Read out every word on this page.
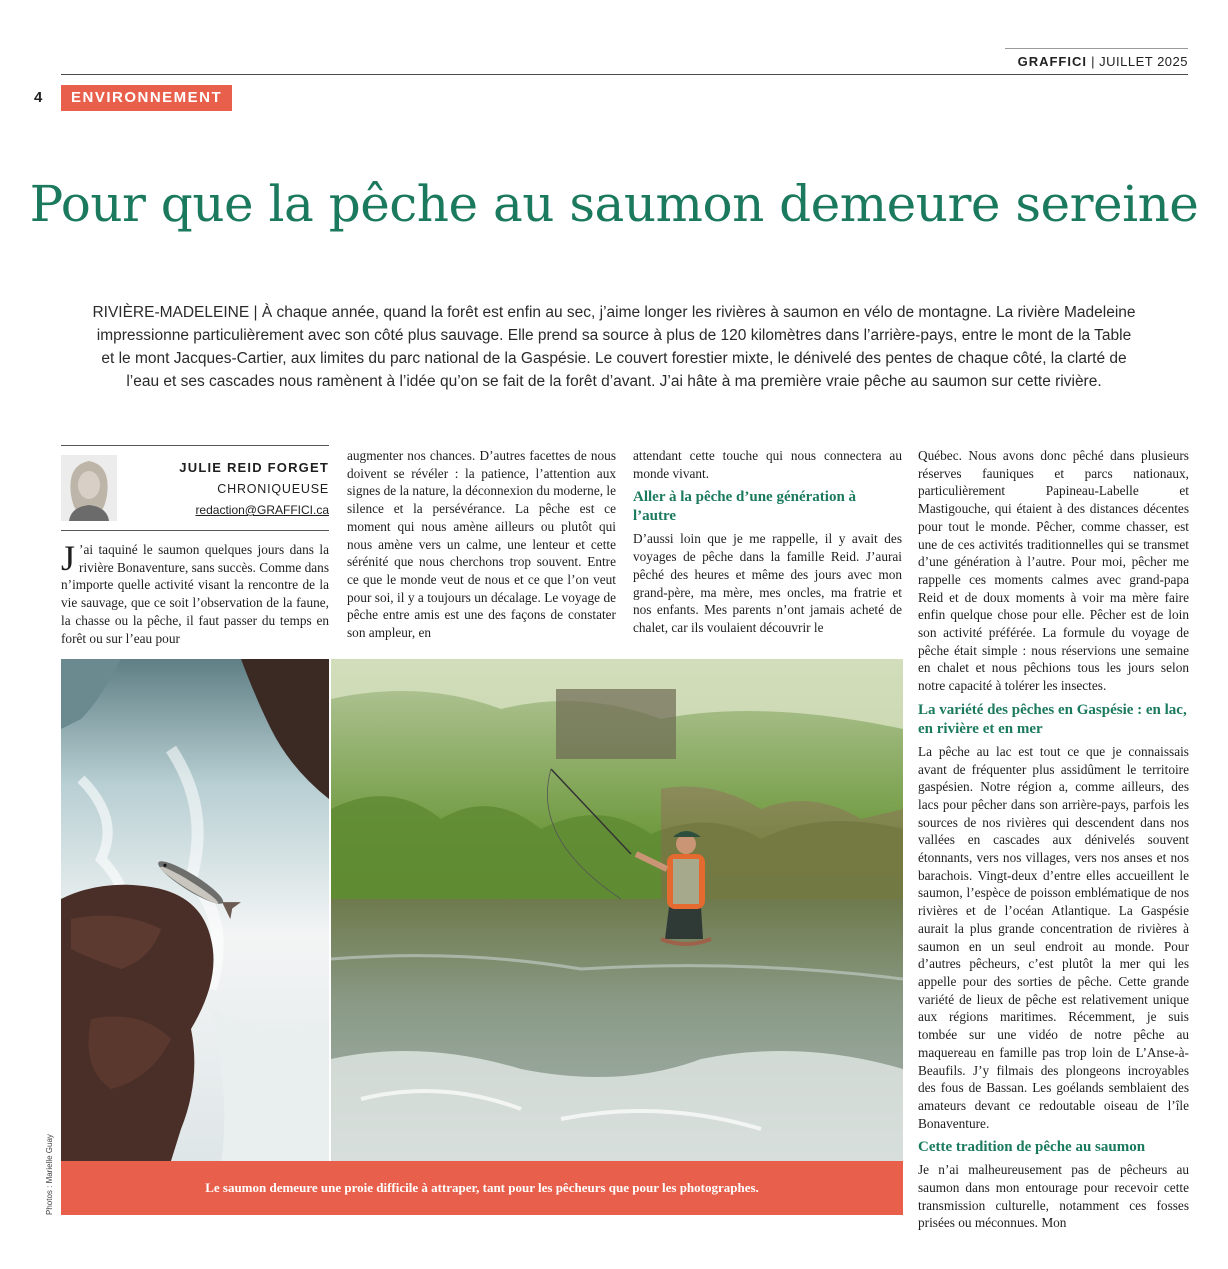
GRAFFICI | JUILLET 2025
4	ENVIRONNEMENT
Pour que la pêche au saumon demeure sereine

RIVIÈRE-MADELEINE | À chaque année, quand la forêt est enfin au sec, j’aime longer les rivières à saumon en vélo de montagne. La rivière Madeleine impressionne particulièrement avec son côté plus sauvage. Elle prend sa source à plus de 120 kilomètres dans l’arrière-pays, entre le mont de la Table et le mont Jacques-Cartier, aux limites du parc national de la Gaspésie. Le couvert forestier mixte, le dénivelé des pentes de chaque côté, la clarté de l’eau et ses cascades nous ramènent à l’idée qu’on se fait de la forêt d’avant. J’ai hâte à ma première vraie pêche au saumon sur cette rivière.

JULIE REID FORGET
CHRONIQUEUSE
redaction@GRAFFICI.ca

J ’ai taquiné le saumon quelques jours dans la rivière Bonaventure, sans succès. Comme dans n’importe quelle activité visant la rencontre de la vie sauvage, que ce soit l’observation de la faune, la chasse ou la pêche, il faut passer du temps en forêt ou sur l’eau pour

augmenter nos chances. D’autres facettes de nous doivent se révéler : la patience, l’attention aux signes de la nature, la déconnexion du moderne, le silence et la persévérance. La pêche est ce moment qui nous amène ailleurs ou plutôt qui nous amène vers un calme, une lenteur et cette sérénité que nous cherchons trop souvent. Entre ce que le monde veut de nous et ce que l’on veut pour soi, il y a toujours un décalage. Le voyage de pêche entre amis est une des façons de constater son ampleur, en

attendant cette touche qui nous connectera au monde vivant.

Aller à la pêche d’une génération à l’autre

D’aussi loin que je me rappelle, il y avait des voyages de pêche dans la famille Reid. J’aurai pêché des heures et même des jours avec mon grand-père, ma mère, mes oncles, ma fratrie et nos enfants. Mes parents n’ont jamais acheté de chalet, car ils voulaient découvrir le

Québec. Nous avons donc pêché dans plusieurs réserves fauniques et parcs nationaux, particulièrement Papineau-Labelle et Mastigouche, qui étaient à des distances décentes pour tout le monde. Pêcher, comme chasser, est une de ces activités traditionnelles qui se transmet d’une génération à l’autre. Pour moi, pêcher me rappelle ces moments calmes avec grand-papa Reid et de doux moments à voir ma mère faire enfin quelque chose pour elle. Pêcher est de loin son activité préférée. La formule du voyage de pêche était simple : nous réservions une semaine en chalet et nous pêchions tous les jours selon notre capacité à tolérer les insectes.

La variété des pêches en Gaspésie : en lac, en rivière et en mer

La pêche au lac est tout ce que je connaissais avant de fréquenter plus assidûment le territoire gaspésien. Notre région a, comme ailleurs, des lacs pour pêcher dans son arrière-pays, parfois les sources de nos rivières qui descendent dans nos vallées en cascades aux dénivelés souvent étonnants, vers nos villages, vers nos anses et nos barachois. Vingt-deux d’entre elles accueillent le saumon, l’espèce de poisson emblématique de nos rivières et de l’océan Atlantique. La Gaspésie aurait la plus grande concentration de rivières à saumon en un seul endroit au monde. Pour d’autres pêcheurs, c’est plutôt la mer qui les appelle pour des sorties de pêche. Cette grande variété de lieux de pêche est relativement unique aux régions maritimes. Récemment, je suis tombée sur une vidéo de notre pêche au maquereau en famille pas trop loin de L’Anse-à-Beaufils. J’y filmais des plongeons incroyables des fous de Bassan. Les goélands semblaient des amateurs devant ce redoutable oiseau de l’île Bonaventure.

Cette tradition de pêche au saumon

Je n’ai malheureusement pas de pêcheurs au saumon dans mon entourage pour recevoir cette transmission culturelle, notamment ces fosses prisées ou méconnues. Mon

Le saumon demeure une proie difficile à attraper, tant pour les pêcheurs que pour les photographes.
Photos : Marielle Guay
